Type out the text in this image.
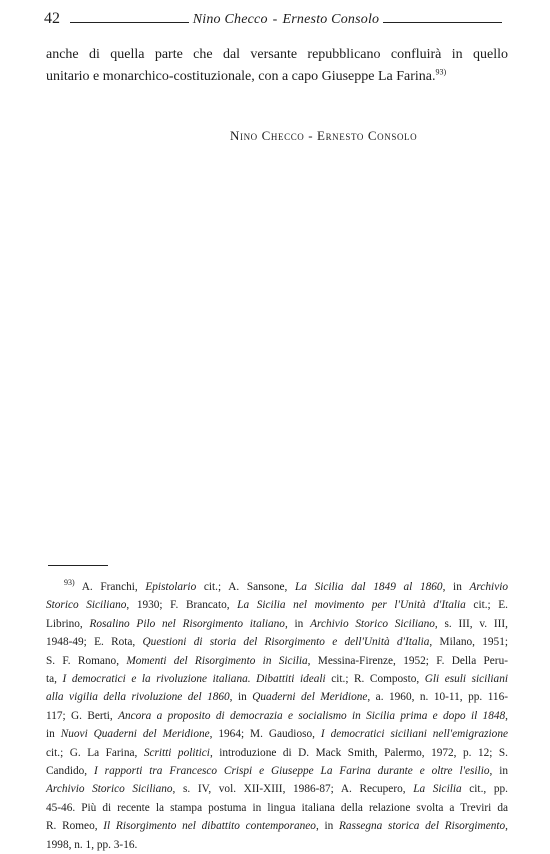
42	Nino Checco - Ernesto Consolo
anche di quella parte che dal versante repubblicano confluirà in quello
unitario e monarchico-costituzionale, con a capo Giuseppe La Farina.$^{93)}$
Nino Checco - Ernesto Consolo
$^{93)}$ A. Franchi, Epistolario cit.; A. Sansone, La Sicilia dal 1849 al 1860, in Archivio
Storico Siciliano, 1930; F. Brancato, La Sicilia nel movimento per l'Unità d'Italia cit.; E.
Librino, Rosalino Pilo nel Risorgimento italiano, in Archivio Storico Siciliano, s. III, v. III,
1948-49; E. Rota, Questioni di storia del Risorgimento e dell'Unità d'Italia, Milano, 1951;
S. F. Romano, Momenti del Risorgimento in Sicilia, Messina-Firenze, 1952; F. Della Peru-
ta, I democratici e la rivoluzione italiana. Dibattiti ideali cit.; R. Composto, Gli esuli siciliani
alla vigilia della rivoluzione del 1860, in Quaderni del Meridione, a. 1960, n. 10-11, pp. 116-
117; G. Berti, Ancora a proposito di democrazia e socialismo in Sicilia prima e dopo il 1848,
in Nuovi Quaderni del Meridione, 1964; M. Gaudioso, I democratici siciliani nell'emigrazione
cit.; G. La Farina, Scritti politici, introduzione di D. Mack Smith, Palermo, 1972, p. 12; S.
Candido, I rapporti tra Francesco Crispi e Giuseppe La Farina durante e oltre l'esilio, in
Archivio Storico Siciliano, s. IV, vol. XII-XIII, 1986-87; A. Recupero, La Sicilia cit., pp.
45-46. Più di recente la stampa postuma in lingua italiana della relazione svolta a Treviri da
R. Romeo, Il Risorgimento nel dibattito contemporaneo, in Rassegna storica del Risorgimento,
1998, n. 1, pp. 3-16.
